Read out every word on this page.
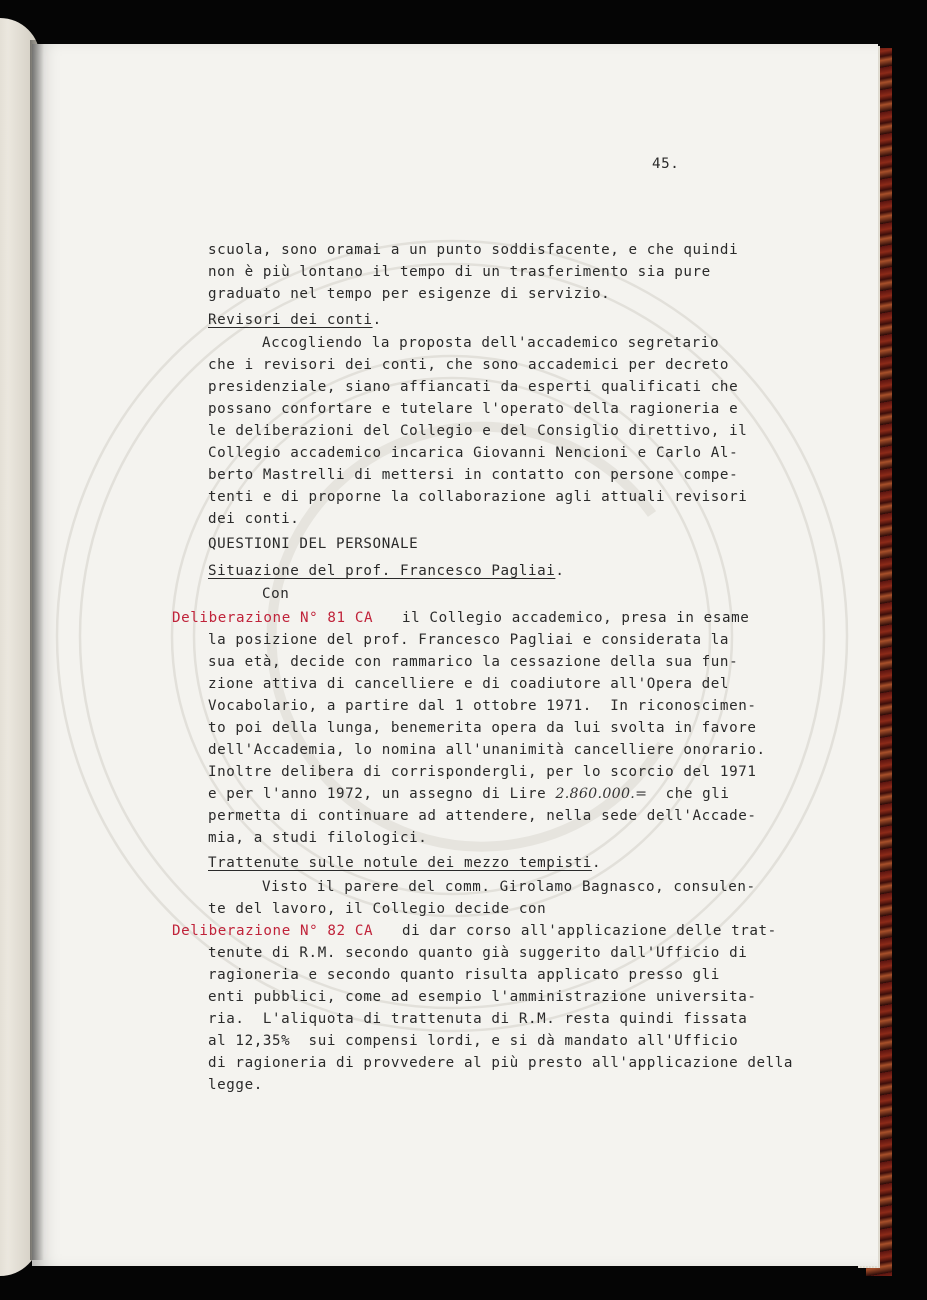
45.
scuola, sono oramai a un punto soddisfacente, e che quindi
non è più lontano il tempo di un trasferimento sia pure
graduato nel tempo per esigenze di servizio.
Revisori dei conti.
Accogliendo la proposta dell'accademico segretario
che i revisori dei conti, che sono accademici per decreto
presidenziale, siano affiancati da esperti qualificati che
possano confortare e tutelare l'operato della ragioneria e
le deliberazioni del Collegio e del Consiglio direttivo, il
Collegio accademico incarica Giovanni Nencioni e Carlo Al-
berto Mastrelli di mettersi in contatto con persone compe-
tenti e di proporne la collaborazione agli attuali revisori
dei conti.
QUESTIONI DEL PERSONALE
Situazione del prof. Francesco Pagliai.
Con
Deliberazione N° 81 CA il Collegio accademico, presa in esame
la posizione del prof. Francesco Pagliai e considerata la
sua età, decide con rammarico la cessazione della sua fun-
zione attiva di cancelliere e di coadiutore all'Opera del
Vocabolario, a partire dal 1 ottobre 1971.  In riconoscimen-
to poi della lunga, benemerita opera da lui svolta in favore
dell'Accademia, lo nomina all'unanimità cancelliere onorario.
Inoltre delibera di corrispondergli, per lo scorcio del 1971
e per l'anno 1972, un assegno di Lire 2.860.000.=  che gli
permetta di continuare ad attendere, nella sede dell'Accade-
mia, a studi filologici.
Trattenute sulle notule dei mezzo tempisti.
Visto il parere del comm. Girolamo Bagnasco, consulen-
te del lavoro, il Collegio decide con
Deliberazione N° 82 CA di dar corso all'applicazione delle trat-
tenute di R.M. secondo quanto già suggerito dall'Ufficio di
ragioneria e secondo quanto risulta applicato presso gli
enti pubblici, come ad esempio l'amministrazione universita-
ria.  L'aliquota di trattenuta di R.M. resta quindi fissata
al 12,35%  sui compensi lordi, e si dà mandato all'Ufficio
di ragioneria di provvedere al più presto all'applicazione della
legge.
